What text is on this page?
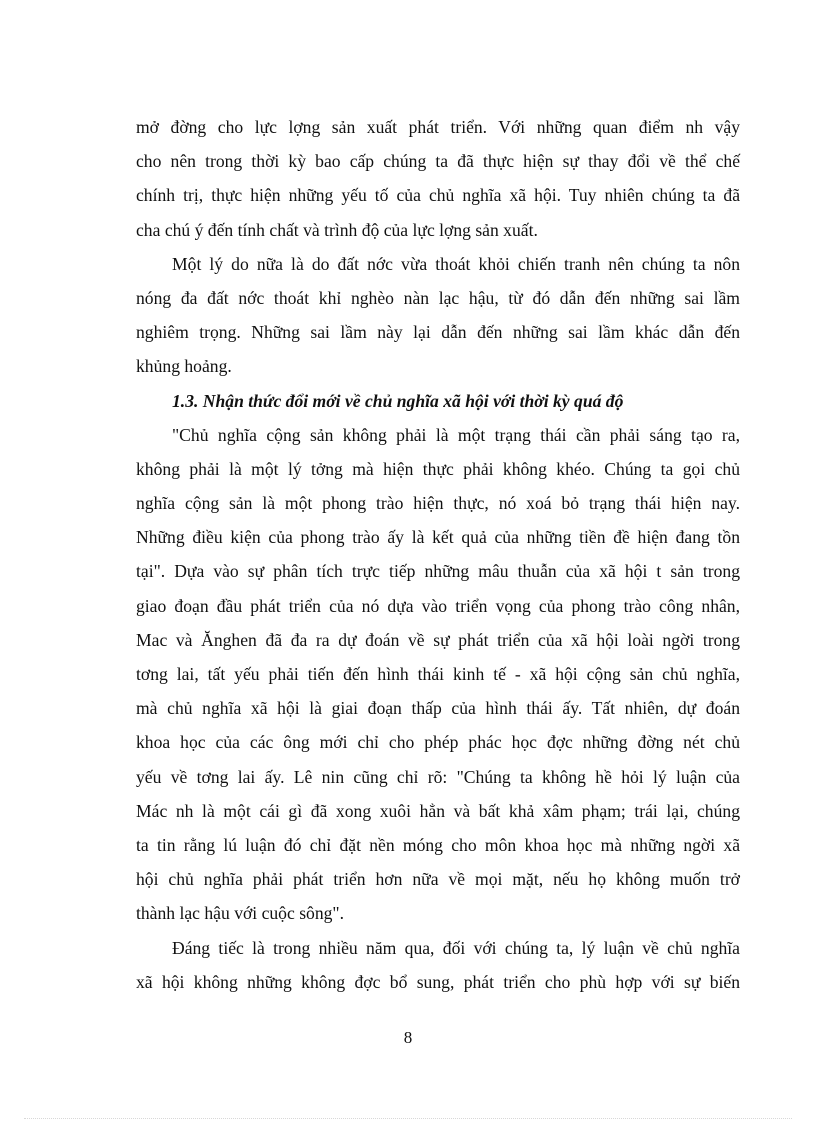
mở đờng cho lực lợng sản xuất phát triển. Với những quan điểm nh vậy
cho nên trong thời kỳ bao cấp chúng ta đã thực hiện sự thay đổi về thể chế
chính trị, thực hiện những yếu tố của chủ nghĩa xã hội. Tuy nhiên chúng ta đã
cha chú ý đến tính chất và trình độ của lực lợng sản xuất.
Một lý do nữa là do đất nớc vừa thoát khỏi chiến tranh nên chúng ta nôn
nóng đa đất nớc thoát khỉ nghèo nàn lạc hậu, từ đó dẫn đến những sai lầm
nghiêm trọng. Những sai lầm này lại dẫn đến những sai lầm khác dẫn đến
khủng hoảng.
1.3. Nhận thức đổi mới về chủ nghĩa xã hội với thời kỳ quá độ
"Chủ nghĩa cộng sản không phải là một trạng thái cần phải sáng tạo ra,
không phải là một lý tởng mà hiện thực phải không khéo. Chúng ta gọi chủ
nghĩa cộng sản là một phong trào hiện thực, nó xoá bỏ trạng thái hiện nay.
Những điều kiện của phong trào ấy là kết quả của những tiền đề hiện đang tồn
tại". Dựa vào sự phân tích trực tiếp những mâu thuẫn của xã hội t sản trong
giao đoạn đầu phát triển của nó dựa vào triển vọng của phong trào công nhân,
Mac và Ănghen đã đa ra dự đoán về sự phát triển của xã hội loài ngời trong
tơng lai, tất yếu phải tiến đến hình thái kinh tế - xã hội cộng sản chủ nghĩa,
mà chủ nghĩa xã hội là giai đoạn thấp của hình thái ấy. Tất nhiên, dự đoán
khoa học của các ông mới chỉ cho phép phác học đợc những đờng nét chủ
yếu về tơng lai ấy. Lê nin cũng chỉ rõ: "Chúng ta không hề hỏi lý luận của
Mác nh là một cái gì đã xong xuôi hẳn và bất khả xâm phạm; trái lại, chúng
ta tin rằng lú luận đó chỉ đặt nền móng cho môn khoa học mà những ngời xã
hội chủ nghĩa phải phát triển hơn nữa về mọi mặt, nếu họ không muốn trở
thành lạc hậu với cuộc sông".
Đáng tiếc là trong nhiều năm qua, đối với chúng ta, lý luận về chủ nghĩa
xã hội không những không đợc bổ sung, phát triển cho phù hợp với sự biến
8
